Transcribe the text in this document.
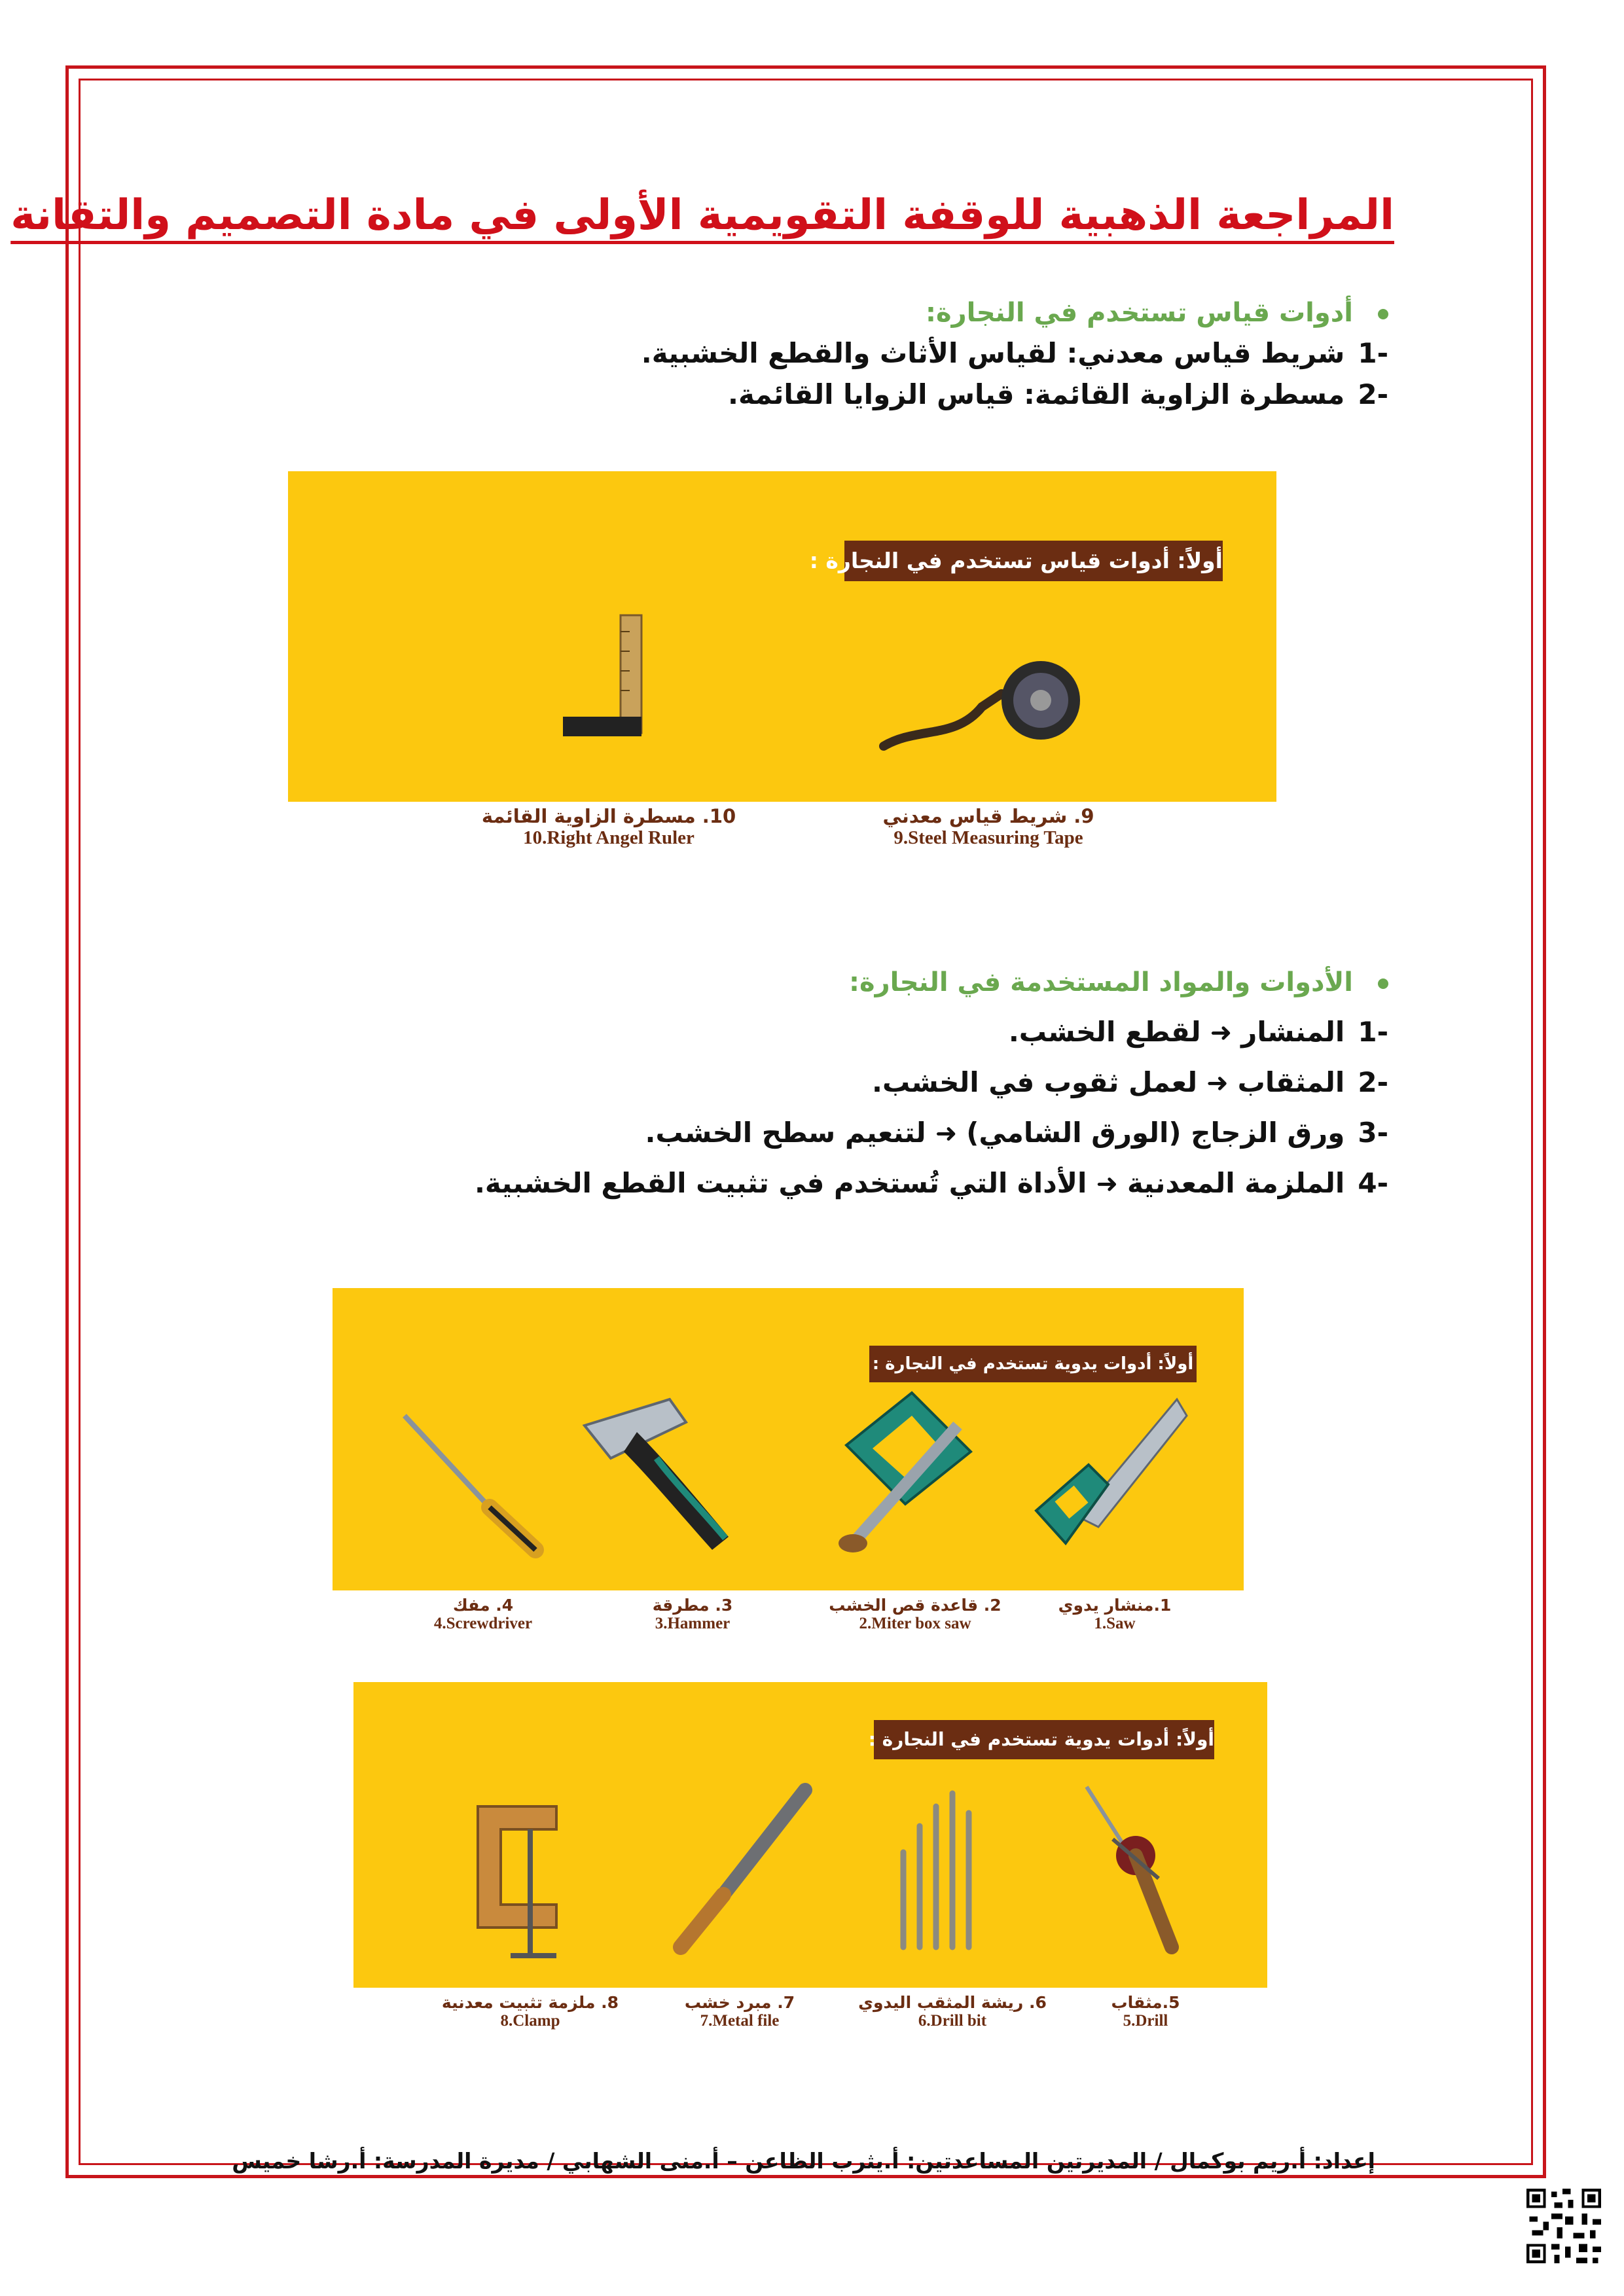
المراجعة الذهبية للوقفة التقويمية الأولى في مادة التصميم والتقانة
أدوات قياس تستخدم في النجارة:
-1شريط قياس معدني: لقياس الأثاث والقطع الخشبية.
-2مسطرة الزاوية القائمة: قياس الزوايا القائمة.
أولاً: أدوات قياس تستخدم في النجارة :
9. شريط قياس معدني
9.Steel Measuring Tape
10. مسطرة الزاوية القائمة
10.Right Angel Ruler
الأدوات والمواد المستخدمة في النجارة:
-1المنشار➜لقطع الخشب.
-2المثقاب➜لعمل ثقوب في الخشب.
-3ورق الزجاج (الورق الشامي)➜لتنعيم سطح الخشب.
-4الملزمة المعدنية➜الأداة التي تُستخدم في تثبيت القطع الخشبية.
أولاً: أدوات يدوية تستخدم في النجارة :
1.منشار يدوي
1.Saw
2. قاعدة قص الخشب
2.Miter box saw
3. مطرقة
3.Hammer
4. مفك
4.Screwdriver
أولاً: أدوات يدوية تستخدم في النجارة :
5.مثقاب
5.Drill
6. ريشة المثقب اليدوي
6.Drill bit
7. مبرد خشب
7.Metal file
8. ملزمة تثبيت معدنية
8.Clamp
إعداد: أ.ريم بوكمال / المديرتين المساعدتين: أ.يثرب الظاعن – أ.منى الشهابي / مديرة المدرسة: أ.رشا خميس
